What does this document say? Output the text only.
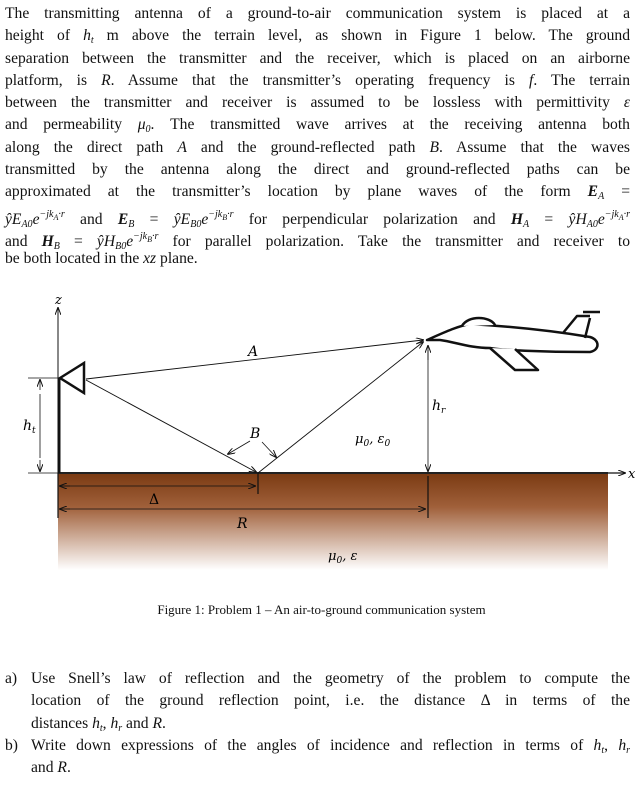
The transmitting antenna of a ground-to-air communication system is placed at a
height of $h_t$ m above the terrain level, as shown in Figure 1 below. The ground
separation between the transmitter and the receiver, which is placed on an airborne
platform, is R. Assume that the transmitter’s operating frequency is f. The terrain
between the transmitter and receiver is assumed to be lossless with permittivity ε
and permeability $\mu_0$. The transmitted wave arrives at the receiving antenna both
along the direct path A and the ground-reflected path B. Assume that the waves
transmitted by the antenna along the direct and ground-reflected paths can be
approximated at the transmitter’s location by plane waves of the form $E_A$ =
$ŷE_{A0}e^{-jkA\cdot r}$ and $E_B$ = $ŷE_{B0}e^{-jkB\cdot r}$ for perpendicular polarization and $H_A$ = $ŷH_{A0}e^{-jkA\cdot r}$
and $H_B$ = $ŷH_{B0}e^{-jkB\cdot r}$ for parallel polarization. Take the transmitter and receiver to
be both located in the xz plane.
z
x
$h_t$
A
B
$h_r$
$\mu_0$, $\varepsilon_0$
$\mu_0$, ε
Δ
R
Figure 1: Problem 1 – An air-to-ground communication system
a) Use Snell’s law of reflection and the geometry of the problem to compute the
location of the ground reflection point, i.e. the distance Δ in terms of the
distances $h_t$, $h_r$ and R.
b) Write down expressions of the angles of incidence and reflection in terms of $h_t$, $h_r$
and R.
